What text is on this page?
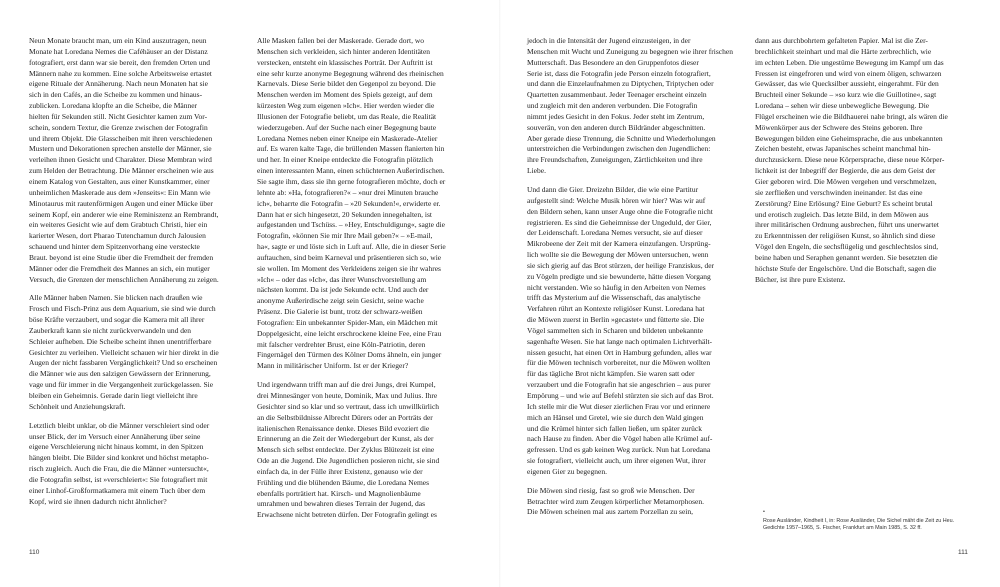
Neun Monate braucht man, um ein Kind auszutragen, neun
Monate hat Loredana Nemes die Caféhäuser an der Distanz
fotografiert, erst dann war sie bereit, den fremden Orten und
Männern nahe zu kommen. Eine solche Arbeitsweise ertastet
eigene Rituale der Annäherung. Nach neun Monaten hat sie
sich in den Cafés, an die Scheibe zu kommen und hinaus-
zublicken. Loredana klopfte an die Scheibe, die Männer
hielten für Sekunden still. Nicht Gesichter kamen zum Vor-
schein, sondern Textur, die Grenze zwischen der Fotografin
und ihrem Objekt. Die Glasscheiben mit ihren verschiedenen
Mustern und Dekorationen sprechen anstelle der Männer, sie
verleihen ihnen Gesicht und Charakter. Diese Membran wird
zum Helden der Betrachtung. Die Männer erscheinen wie aus
einem Katalog von Gestalten, aus einer Kunstkammer, einer
unheimlichen Maskerade aus dem »Jenseits«: Ein Mann wie
Minotaurus mit rautenförmigen Augen und einer Mücke über
seinem Kopf, ein anderer wie eine Reminiszenz an Rembrandt,
ein weiteres Gesicht wie auf dem Grabtuch Christi, hier ein
karierter Wesen, dort Pharao Tutenchamun durch Jalousien
schauend und hinter dem Spitzenvorhang eine versteckte
Braut. beyond ist eine Studie über die Fremdheit der fremden
Männer oder die Fremdheit des Mannes an sich, ein mutiger
Versuch, die Grenzen der menschlichen Annäherung zu zeigen.

Alle Männer haben Namen. Sie blicken nach draußen wie
Frosch und Fisch-Prinz aus dem Aquarium, sie sind wie durch
böse Kräfte verzaubert, und sogar die Kamera mit all ihrer
Zauberkraft kann sie nicht zurückverwandeln und den
Schleier aufheben. Die Scheibe scheint ihnen unentrifferbare
Gesichter zu verleihen. Vielleicht schauen wir hier direkt in die
Augen der nicht fassbaren Vergänglichkeit? Und so erscheinen
die Männer wie aus den salzigen Gewässern der Erinnerung,
vage und für immer in die Vergangenheit zurückgelassen. Sie
bleiben ein Geheimnis. Gerade darin liegt vielleicht ihre
Schönheit und Anziehungskraft.

Letztlich bleibt unklar, ob die Männer verschleiert sind oder
unser Blick, der im Versuch einer Annäherung über seine
eigene Verschleierung nicht hinaus kommt, in den Spitzen
hängen bleibt. Die Bilder sind konkret und höchst metapho-
risch zugleich. Auch die Frau, die die Männer »untersucht«,
die Fotografin selbst, ist »verschleiert«: Sie fotografiert mit
einer Linhof-Großformatkamera mit einem Tuch über dem
Kopf, wird sie ihnen dadurch nicht ähnlicher?

Alle Masken fallen bei der Maskerade. Gerade dort, wo
Menschen sich verkleiden, sich hinter anderen Identitäten
verstecken, entsteht ein klassisches Porträt. Der Auftritt ist
eine sehr kurze anonyme Begegnung während des rheinischen
Karnevals. Diese Serie bildet den Gegenpol zu beyond. Die
Menschen werden im Moment des Spiels gezeigt, auf dem
kürzesten Weg zum eigenen »Ich«. Hier werden wieder die
Illusionen der Fotografie beliebt, um das Reale, die Realität
wiederzugeben. Auf der Suche nach einer Begegnung baute
Loredana Nemes neben einer Kneipe ein Maskerade-Atelier
auf. Es waren kalte Tage, die brüllenden Massen flanierten hin
und her. In einer Kneipe entdeckte die Fotografin plötzlich
einen interessanten Mann, einen schüchternen Außerirdischen.
Sie sagte ihm, dass sie ihn gerne fotografieren möchte, doch er
lehnte ab: »Ha, fotografieren?« – »nur drei Minuten brauche
ich«, beharrte die Fotografin – »20 Sekunden!«, erwiderte er.
Dann hat er sich hingesetzt, 20 Sekunden innegehalten, ist
aufgestanden und Tschüss. – »Hey, Entschuldigung«, sagte die
Fotografin, »können Sie mir Ihre Mail geben?« – »E-mail,
ha«, sagte er und löste sich in Luft auf. Alle, die in dieser Serie
auftauchen, sind beim Karneval und präsentieren sich so, wie
sie wollen. Im Moment des Verkleidens zeigen sie ihr wahres
»Ich« – oder das »Ich«, das ihrer Wunschvorstellung am
nächsten kommt. Da ist jede Sekunde echt. Und auch der
anonyme Außerirdische zeigt sein Gesicht, seine wache
Präsenz. Die Galerie ist bunt, trotz der schwarz-weißen
Fotografien: Ein unbekannter Spider-Man, ein Mädchen mit
Doppelgesicht, eine leicht erschrockene kleine Fee, eine Frau
mit falscher verdrehter Brust, eine Köln-Patriotin, deren
Fingernägel den Türmen des Kölner Doms ähneln, ein junger
Mann in militärischer Uniform. Ist er der Krieger?

Und irgendwann trifft man auf die drei Jungs, drei Kumpel,
drei Minnesänger von heute, Dominik, Max und Julius. Ihre
Gesichter sind so klar und so vertraut, dass ich unwillkürlich
an die Selbstbildnisse Albrecht Dürers oder an Porträts der
italienischen Renaissance denke. Dieses Bild evoziert die
Erinnerung an die Zeit der Wiedergeburt der Kunst, als der
Mensch sich selbst entdeckte. Der Zyklus Blütezeit ist eine
Ode an die Jugend. Die Jugendlichen posieren nicht, sie sind
einfach da, in der Fülle ihrer Existenz, genauso wie der
Frühling und die blühenden Bäume, die Loredana Nemes
ebenfalls porträtiert hat. Kirsch- und Magnolienbäume
umrahmen und bewahren dieses Terrain der Jugend, das
Erwachsene nicht betreten dürfen. Der Fotografin gelingt es

jedoch in die Intensität der Jugend einzusteigen, in der
Menschen mit Wucht und Zuneigung zu begegnen wie ihrer frischen
Mutterschaft. Das Besondere an den Gruppenfotos dieser
Serie ist, dass die Fotografin jede Person einzeln fotografiert,
und dann die Einzelaufnahmen zu Diptychen, Triptychen oder
Quartetten zusammenbaut. Jeder Teenager erscheint einzeln
und zugleich mit den anderen verbunden. Die Fotografin
nimmt jedes Gesicht in den Fokus. Jeder steht im Zentrum,
souverän, von den anderen durch Bildränder abgeschnitten.
Aber gerade diese Trennung, die Schnitte und Wiederholungen
unterstreichen die Verbindungen zwischen den Jugendlichen:
ihre Freundschaften, Zuneigungen, Zärtlichkeiten und ihre
Liebe.

Und dann die Gier. Dreizehn Bilder, die wie eine Partitur
aufgestellt sind: Welche Musik hören wir hier? Was wir auf
den Bildern sehen, kann unser Auge ohne die Fotografie nicht
registrieren. Es sind die Geheimnisse der Ungeduld, der Gier,
der Leidenschaft. Loredana Nemes versucht, sie auf dieser
Mikrobeene der Zeit mit der Kamera einzufangen. Ursprüng-
lich wollte sie die Bewegung der Möwen untersuchen, wenn
sie sich gierig auf das Brot stürzen, der heilige Franziskus, der
zu Vögeln predigte und sie bewunderte, hätte diesen Vorgang
nicht verstanden. Wie so häufig in den Arbeiten von Nemes
trifft das Mysterium auf die Wissenschaft, das analytische
Verfahren rührt an Kontexte religiöser Kunst. Loredana hat
die Möwen zuerst in Berlin »gecastet« und fütterte sie. Die
Vögel sammelten sich in Scharen und bildeten unbekannte
sagenhafte Wesen. Sie hat lange nach optimalen Lichtverhält-
nissen gesucht, hat einen Ort in Hamburg gefunden, alles war
für die Möwen technisch vorbereitet, nur die Möwen wollten
für das tägliche Brot nicht kämpfen. Sie waren satt oder
verzaubert und die Fotografin hat sie angeschrien – aus purer
Empörung – und wie auf Befehl stürzten sie sich auf das Brot.
Ich stelle mir die Wut dieser zierlichen Frau vor und erinnere
mich an Hänsel und Gretel, wie sie durch den Wald gingen
und die Krümel hinter sich fallen ließen, um später zurück
nach Hause zu finden. Aber die Vögel haben alle Krümel auf-
gefressen. Und es gab keinen Weg zurück. Nun hat Loredana
sie fotografiert, vielleicht auch, um ihrer eigenen Wut, ihrer
eigenen Gier zu begegnen.

Die Möwen sind riesig, fast so groß wie Menschen. Der
Betrachter wird zum Zeugen körperlicher Metamorphosen.
Die Möwen scheinen mal aus zartem Porzellan zu sein,

dann aus durchbohrtem gefalteten Papier. Mal ist die Zer-
brechlichkeit steinhart und mal die Härte zerbrechlich, wie
im echten Leben. Die ungestüme Bewegung im Kampf um das
Fressen ist eingefroren und wird von einem öligen, schwarzen
Gewässer, das wie Quecksilber aussieht, eingerahmt. Für den
Bruchteil einer Sekunde – »so kurz wie die Guillotine«, sagt
Loredana – sehen wir diese unbewegliche Bewegung. Die
Flügel erscheinen wie die Bildhauerei nahe bringt, als wären die
Möwenkörper aus der Schwere des Steins geboren. Ihre
Bewegungen bilden eine Geheimsprache, die aus unbekannten
Zeichen besteht, etwas Japanisches scheint manchmal hin-
durchzusickern. Diese neue Körpersprache, diese neue Körper-
lichkeit ist der Inbegriff der Begierde, die aus dem Geist der
Gier geboren wird. Die Möwen vergehen und verschmelzen,
sie zerfließen und verschwinden ineinander. Ist das eine
Zerstörung? Eine Erlösung? Eine Geburt? Es scheint brutal
und erotisch zugleich. Das letzte Bild, in dem Möwen aus
ihrer militärischen Ordnung ausbrechen, führt uns unerwartet
zu Erkenntnissen der religiösen Kunst, so ähnlich sind diese
Vögel den Engeln, die sechsflügelig und geschlechtslos sind,
beine haben und Seraphen genannt werden. Sie besetzten die
höchste Stufe der Engelschöre. Und die Botschaft, sagen die
Bücher, ist ihre pure Existenz.

•
Rose Ausländer, Kindheit I, in: Rose Ausländer, Die Sichel mäht die Zeit zu Heu.
Gedichte 1957–1965, S. Fischer, Frankfurt am Main 1985, S. 32 ff.
110	111
